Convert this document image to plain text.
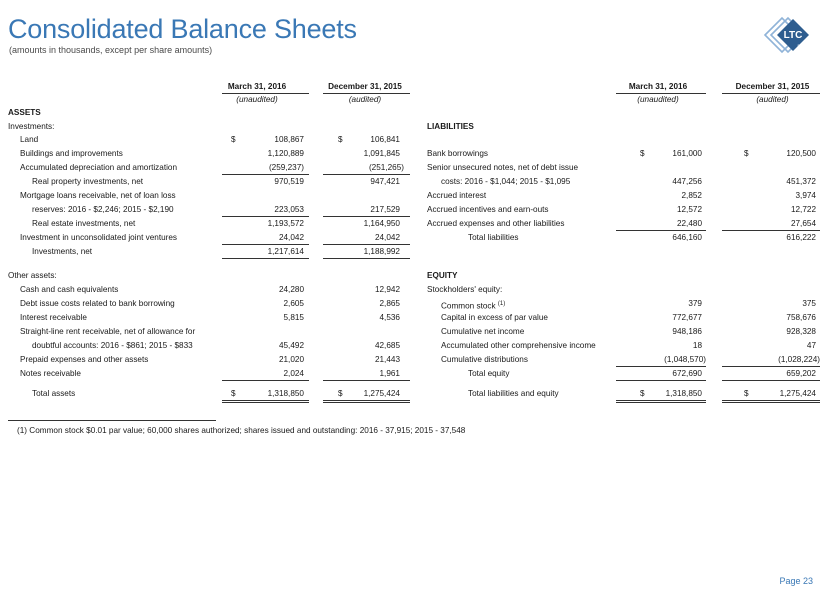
Consolidated Balance Sheets
(amounts in thousands, except per share amounts)
LTC
REIT
March 31, 2016	December 31, 2015
(unaudited)	(audited)
March 31, 2016	December 31, 2015
(unaudited)	(audited)
ASSETS
Investments:
Land	$	108,867	$	106,841
Buildings and improvements	1,120,889	1,091,845
Accumulated depreciation and amortization	(259,237)	(251,265)
Real property investments, net	970,519	947,421
Mortgage loans receivable, net of loan loss
reserves: 2016 - $2,246; 2015 - $2,190	223,053	217,529
Real estate investments, net	1,193,572	1,164,950
Investment in unconsolidated joint ventures	24,042	24,042
Investments, net	1,217,614	1,188,992
Other assets:
Cash and cash equivalents	24,280	12,942
Debt issue costs related to bank borrowing	2,605	2,865
Interest receivable	5,815	4,536
Straight-line rent receivable, net of allowance for
doubtful accounts: 2016 - $861; 2015 - $833	45,492	42,685
Prepaid expenses and other assets	21,020	21,443
Notes receivable	2,024	1,961
Total assets	$	1,318,850	$	1,275,424
LIABILITIES
Bank borrowings	$	161,000	$	120,500
Senior unsecured notes, net of debt issue
costs: 2016 - $1,044; 2015 - $1,095	447,256	451,372
Accrued interest	2,852	3,974
Accrued incentives and earn-outs	12,572	12,722
Accrued expenses and other liabilities	22,480	27,654
Total liabilities	646,160	616,222
EQUITY
Stockholders' equity:
Common stock $^{(1)}$	379	375
Capital in excess of par value	772,677	758,676
Cumulative net income	948,186	928,328
Accumulated other comprehensive income	18	47
Cumulative distributions	(1,048,570)	(1,028,224)
Total equity	672,690	659,202
Total liabilities and equity	$	1,318,850	$	1,275,424
(1) Common stock $0.01 par value; 60,000 shares authorized; shares issued and outstanding: 2016 - 37,915; 2015 - 37,548
Page 23
